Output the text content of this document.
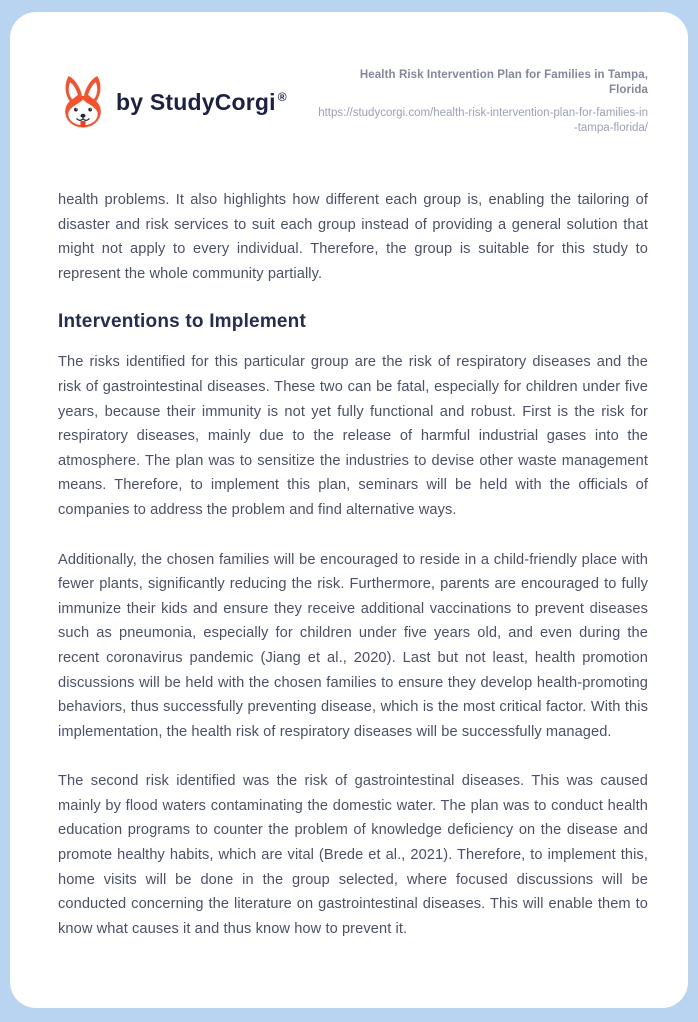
by StudyCorgi ®
Health Risk Intervention Plan for Families in Tampa, Florida
https://studycorgi.com/health-risk-intervention-plan-for-families-in-tampa-florida/

health problems. It also highlights how different each group is, enabling the tailoring of disaster and risk services to suit each group instead of providing a general solution that might not apply to every individual. Therefore, the group is suitable for this study to represent the whole community partially.

Interventions to Implement

The risks identified for this particular group are the risk of respiratory diseases and the risk of gastrointestinal diseases. These two can be fatal, especially for children under five years, because their immunity is not yet fully functional and robust. First is the risk for respiratory diseases, mainly due to the release of harmful industrial gases into the atmosphere. The plan was to sensitize the industries to devise other waste management means. Therefore, to implement this plan, seminars will be held with the officials of companies to address the problem and find alternative ways.

Additionally, the chosen families will be encouraged to reside in a child-friendly place with fewer plants, significantly reducing the risk. Furthermore, parents are encouraged to fully immunize their kids and ensure they receive additional vaccinations to prevent diseases such as pneumonia, especially for children under five years old, and even during the recent coronavirus pandemic (Jiang et al., 2020). Last but not least, health promotion discussions will be held with the chosen families to ensure they develop health-promoting behaviors, thus successfully preventing disease, which is the most critical factor. With this implementation, the health risk of respiratory diseases will be successfully managed.

The second risk identified was the risk of gastrointestinal diseases. This was caused mainly by flood waters contaminating the domestic water. The plan was to conduct health education programs to counter the problem of knowledge deficiency on the disease and promote healthy habits, which are vital (Brede et al., 2021). Therefore, to implement this, home visits will be done in the group selected, where focused discussions will be conducted concerning the literature on gastrointestinal diseases. This will enable them to know what causes it and thus know how to prevent it.
